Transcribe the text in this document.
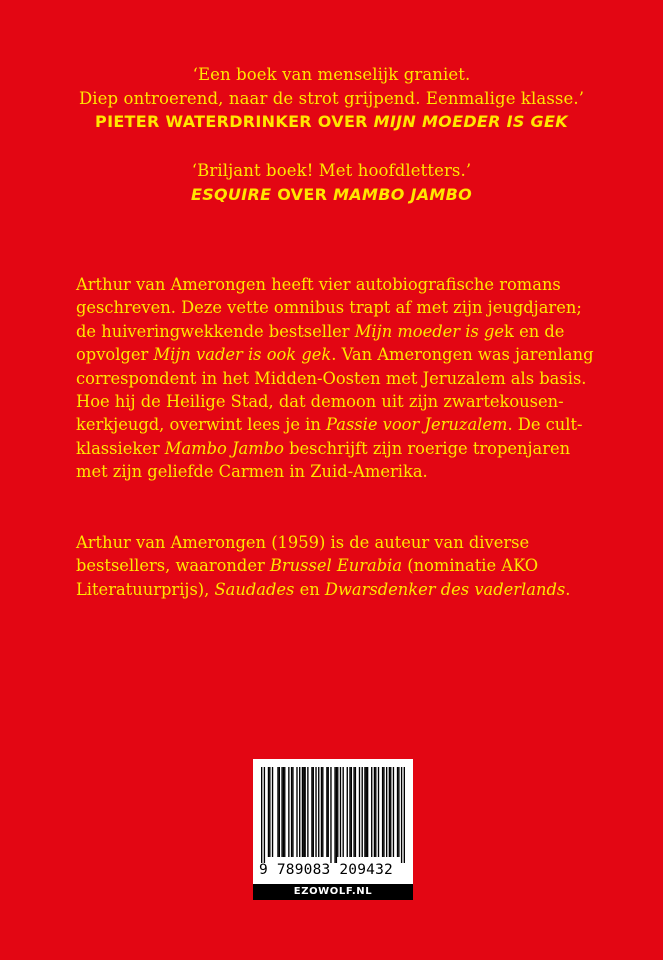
‘Een boek van menselijk graniet.
Diep ontroerend, naar de strot grijpend. Eenmalige klasse.’
PIETER WATERDRINKER OVER MIJN MOEDER IS GEK
‘Briljant boek! Met hoofdletters.’
ESQUIRE OVER MAMBO JAMBO

Arthur van Amerongen heeft vier autobiografische romans

geschreven. Deze vette omnibus trapt af met zijn jeugdjaren;

de huiveringwekkende bestseller Mijn moeder is gek en de

opvolger Mijn vader is ook gek. Van Amerongen was jarenlang

correspondent in het Midden-Oosten met Jeruzalem als basis.

Hoe hij de Heilige Stad, dat demoon uit zijn zwartekousen-

kerkjeugd, overwint lees je in Passie voor Jeruzalem. De cult-

klassieker Mambo Jambo beschrijft zijn roerige tropenjaren

met zijn geliefde Carmen in Zuid-Amerika.

Arthur van Amerongen (1959) is de auteur van diverse

bestsellers, waaronder Brussel Eurabia (nominatie AKO

Literatuurprijs), Saudades en Dwarsdenker des vaderlands.

9 789083 209432
EZOWOLF.NL
